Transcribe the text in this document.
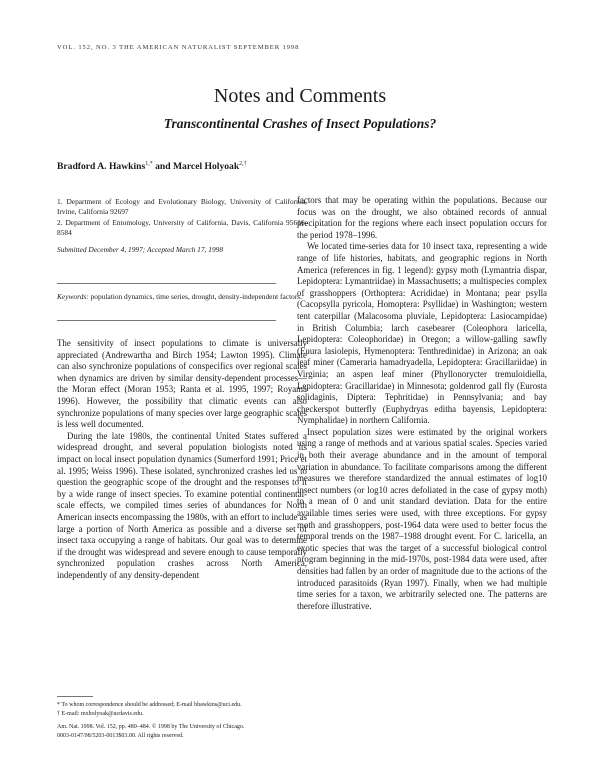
VOL. 152, NO. 3 THE AMERICAN NATURALIST SEPTEMBER 1998
Notes and Comments
Transcontinental Crashes of Insect Populations?
Bradford A. Hawkins$^{1,*}$ and Marcel Holyoak$^{2,\dagger}$

1. Department of Ecology and Evolutionary Biology, University of California, Irvine, California 92697

2. Department of Entomology, University of California, Davis, California 95616-8584

Submitted December 4, 1997; Accepted March 17, 1998
Keywords: population dynamics, time series, drought, density-independent factors.

The sensitivity of insect populations to climate is universally appreciated (Andrewartha and Birch 1954; Lawton 1995). Climate can also synchronize populations of conspecifics over regional scales when dynamics are driven by similar density-dependent processes—the Moran effect (Moran 1953; Ranta et al. 1995, 1997; Royama 1996). However, the possibility that climatic events can also synchronize populations of many species over large geographic scales is less well documented.

During the late 1980s, the continental United States suffered a widespread drought, and several population biologists noted its impact on local insect population dynamics (Sumerford 1991; Price et al. 1995; Weiss 1996). These isolated, synchronized crashes led us to question the geographic scope of the drought and the responses to it by a wide range of insect species. To examine potential continental-scale effects, we compiled times series of abundances for North American insects encompassing the 1980s, with an effort to include as large a portion of North America as possible and a diverse set of insect taxa occupying a range of habitats. Our goal was to determine if the drought was widespread and severe enough to cause temporally synchronized population crashes across North America, independently of any density-dependent

* To whom correspondence should be addressed; E-mail bhawkins@uci.edu.

† E-mail: mxholyoak@ucdavis.edu.

Am. Nat. 1998. Vol. 152, pp. 480–484. © 1998 by The University of Chicago.

0003-0147/98/5203-0013$03.00. All rights reserved.

factors that may be operating within the populations. Because our focus was on the drought, we also obtained records of annual precipitation for the regions where each insect population occurs for the period 1978–1996.

We located time-series data for 10 insect taxa, representing a wide range of life histories, habitats, and geographic regions in North America (references in fig. 1 legend): gypsy moth (Lymantria dispar, Lepidoptera: Lymantriidae) in Massachusetts; a multispecies complex of grasshoppers (Orthoptera: Acrididae) in Montana; pear psylla (Cacopsylla pyricola, Homoptera: Psyllidae) in Washington; western tent caterpillar (Malacosoma pluviale, Lepidoptera: Lasiocampidae) in British Columbia; larch casebearer (Coleophora laricella, Lepidoptera: Coleophoridae) in Oregon; a willow-galling sawfly (Euura lasiolepis, Hymenoptera: Tenthredinidae) in Arizona; an oak leaf miner (Cameraria hamadryadella, Lepidoptera: Gracillariidae) in Virginia; an aspen leaf miner (Phyllonorycter tremuloidiella, Lepidoptera: Gracillaridae) in Minnesota; goldenrod gall fly (Eurosta solidaginis, Diptera: Tephritidae) in Pennsylvania; and bay checkerspot butterfly (Euphydryas editha bayensis, Lepidoptera: Nymphalidae) in northern California.

Insect population sizes were estimated by the original workers using a range of methods and at various spatial scales. Species varied in both their average abundance and in the amount of temporal variation in abundance. To facilitate comparisons among the different measures we therefore standardized the annual estimates of log10 insect numbers (or log10 acres defoliated in the case of gypsy moth) to a mean of 0 and unit standard deviation. Data for the entire available times series were used, with three exceptions. For gypsy moth and grasshoppers, post-1964 data were used to better focus the temporal trends on the 1987–1988 drought event. For C. laricella, an exotic species that was the target of a successful biological control program beginning in the mid-1970s, post-1984 data were used, after densities had fallen by an order of magnitude due to the actions of the introduced parasitoids (Ryan 1997). Finally, when we had multiple time series for a taxon, we arbitrarily selected one. The patterns are therefore illustrative.
